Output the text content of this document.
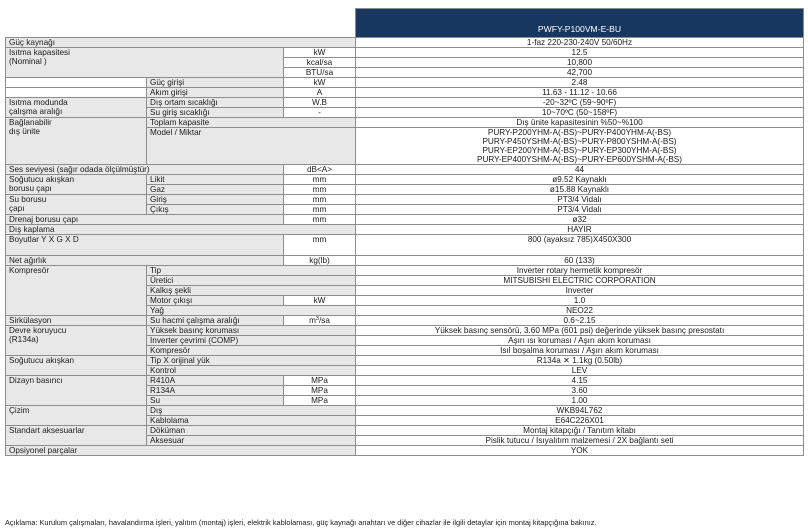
			PWFY-P100VM-E-BU
Güç kaynağı			1-faz 220-230-240V 50/60Hz
Isıtma kapasitesi
(Nominal )		kW	12.5
		kcal/sa	10,800
		BTU/sa	42,700
	Güç girişi	kW	2.48
	Akım girişi	A	11.63 - 11.12 - 10.66
Isıtma modunda
çalışma aralığı	Dış ortam sıcaklığı	W.B	-20~32ºC (59~90ºF)
	Su giriş sıcaklığı	-	10~70ºC (50~158ºF)
Bağlanabilir
dış ünite	Toplam kapasite		Dış ünite kapasitesinin %50~%100
	Model / Miktar		PURY-P200YHM-A(-BS)~PURY-P400YHM-A(-BS)
PURY-P450YSHM-A(-BS)~PURY-P800YSHM-A(-BS)
PURY-EP200YHM-A(-BS)~PURY-EP300YHM-A(-BS)
PURY-EP400YSHM-A(-BS)~PURY-EP600YSHM-A(-BS)
Ses seviyesi (sağır odada ölçülmüştür)		dB<A>	44
Soğutucu akışkan
borusu çapı	Likit	mm	ø9.52 Kaynaklı
	Gaz	mm	ø15.88 Kaynaklı
Su borusu
çapı	Giriş	mm	PT3/4 Vidalı
	Çıkış	mm	PT3/4 Vidalı
Drenaj borusu çapı		mm	ø32
Dış kaplama			HAYIR
Boyutlar Y X G X D		mm	800 (ayaksız 785)X450X300
Net ağırlık		kg(lb)	60 (133)
Kompresör	Tip		Inverter rotary hermetik kompresör
	Üretici		MITSUBISHI ELECTRIC CORPORATION
	Kalkış şekli		Inverter
	Motor çıkışı	kW	1.0
	Yağ		NEO22
Sirkülasyon	Su hacmi çalışma aralığı	$m^3/sa$	0.6~2.15
Devre koruyucu
(R134a)	Yüksek basınç koruması		Yüksek basınç sensörü, 3.60 MPa (601 psi) değerinde yüksek basınç presostatı
	Inverter çevrimi (COMP)		Aşırı ısı koruması / Aşırı akım koruması
	Kompresör		Isıl boşalma koruması / Aşırı akım koruması
Soğutucu akışkan	Tip X orijinal yük		R134a ✕ 1.1kg (0.50lb)
	Kontrol		LEV
Dizayn basıncı	R410A	MPa	4.15
	R134A	MPa	3.60
	Su	MPa	1.00
Çizim	Dış		WKB94L762
	Kablolama		E64C226X01
Standart aksesuarlar	Döküman		Montaj kitapçığı / Tanıtım kitabı
	Aksesuar		Pislik tutucu / Isıyalıtım malzemesi / 2X bağlantı seti
Opsiyonel parçalar			YOK
Açıklama: Kurulum çalışmaları, havalandırma işleri, yalıtım (montaj) işleri, elektrik kablolaması, güç kaynağı anahtarı ve diğer cihazlar ile ilgili detaylar için montaj kitapçığına bakınız.
